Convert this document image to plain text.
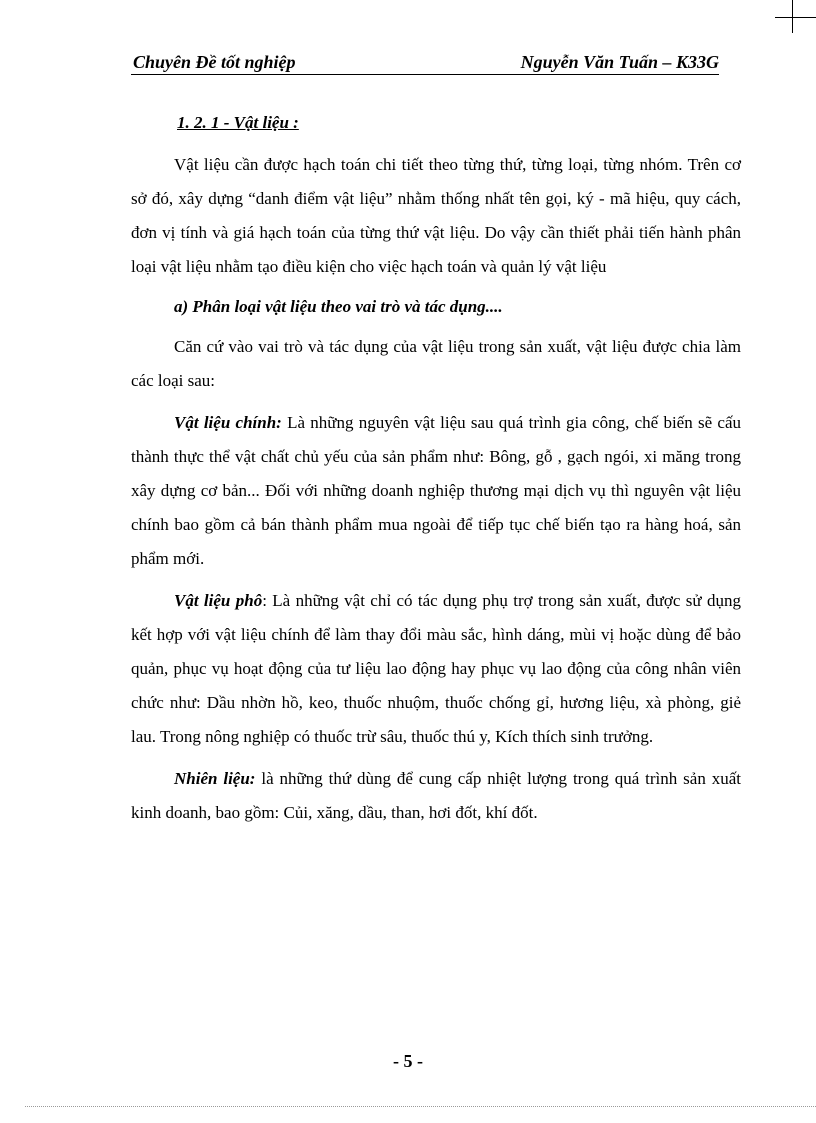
Chuyên Đề tốt nghiệp	Nguyễn Văn Tuấn – K33G

1. 2. 1 - Vật liệu :

Vật liệu cần được hạch toán chi tiết theo từng thứ, từng loại, từng nhóm. Trên cơ sở đó, xây dựng “danh điểm vật liệu” nhằm thống nhất tên gọi, ký - mã hiệu, quy cách, đơn vị tính và giá hạch toán của từng thứ vật liệu. Do vậy cần thiết phải tiến hành phân loại vật liệu nhằm tạo điều kiện cho việc hạch toán và quản lý vật liệu

a) Phân loại vật liệu theo vai trò và tác dụng....

Căn cứ vào vai trò và tác dụng của vật liệu trong sản xuất, vật liệu được chia làm các loại sau:

Vật liệu chính: Là những nguyên vật liệu sau quá trình gia công, chế biến sẽ cấu thành thực thể vật chất chủ yếu của sản phẩm như: Bông, gỗ , gạch ngói, xi măng trong xây dựng cơ bản... Đối với những doanh nghiệp thương mại dịch vụ thì nguyên vật liệu chính bao gồm cả bán thành phẩm mua ngoài để tiếp tục chế biến tạo ra hàng hoá, sản phẩm mới.

Vật liệu phô: Là những vật chỉ có tác dụng phụ trợ trong sản xuất, được sử dụng kết hợp với vật liệu chính để làm thay đổi màu sắc, hình dáng, mùi vị hoặc dùng để bảo quản, phục vụ hoạt động của tư liệu lao động hay phục vụ lao động của công nhân viên chức như: Dầu nhờn hồ, keo, thuốc nhuộm, thuốc chống gỉ, hương liệu, xà phòng, giẻ lau. Trong nông nghiệp có thuốc trừ sâu, thuốc thú y, Kích thích sinh trưởng.

Nhiên liệu: là những thứ dùng để cung cấp nhiệt lượng trong quá trình sản xuất kinh doanh, bao gồm: Củi, xăng, dầu, than, hơi đốt, khí đốt.

- 5 -
